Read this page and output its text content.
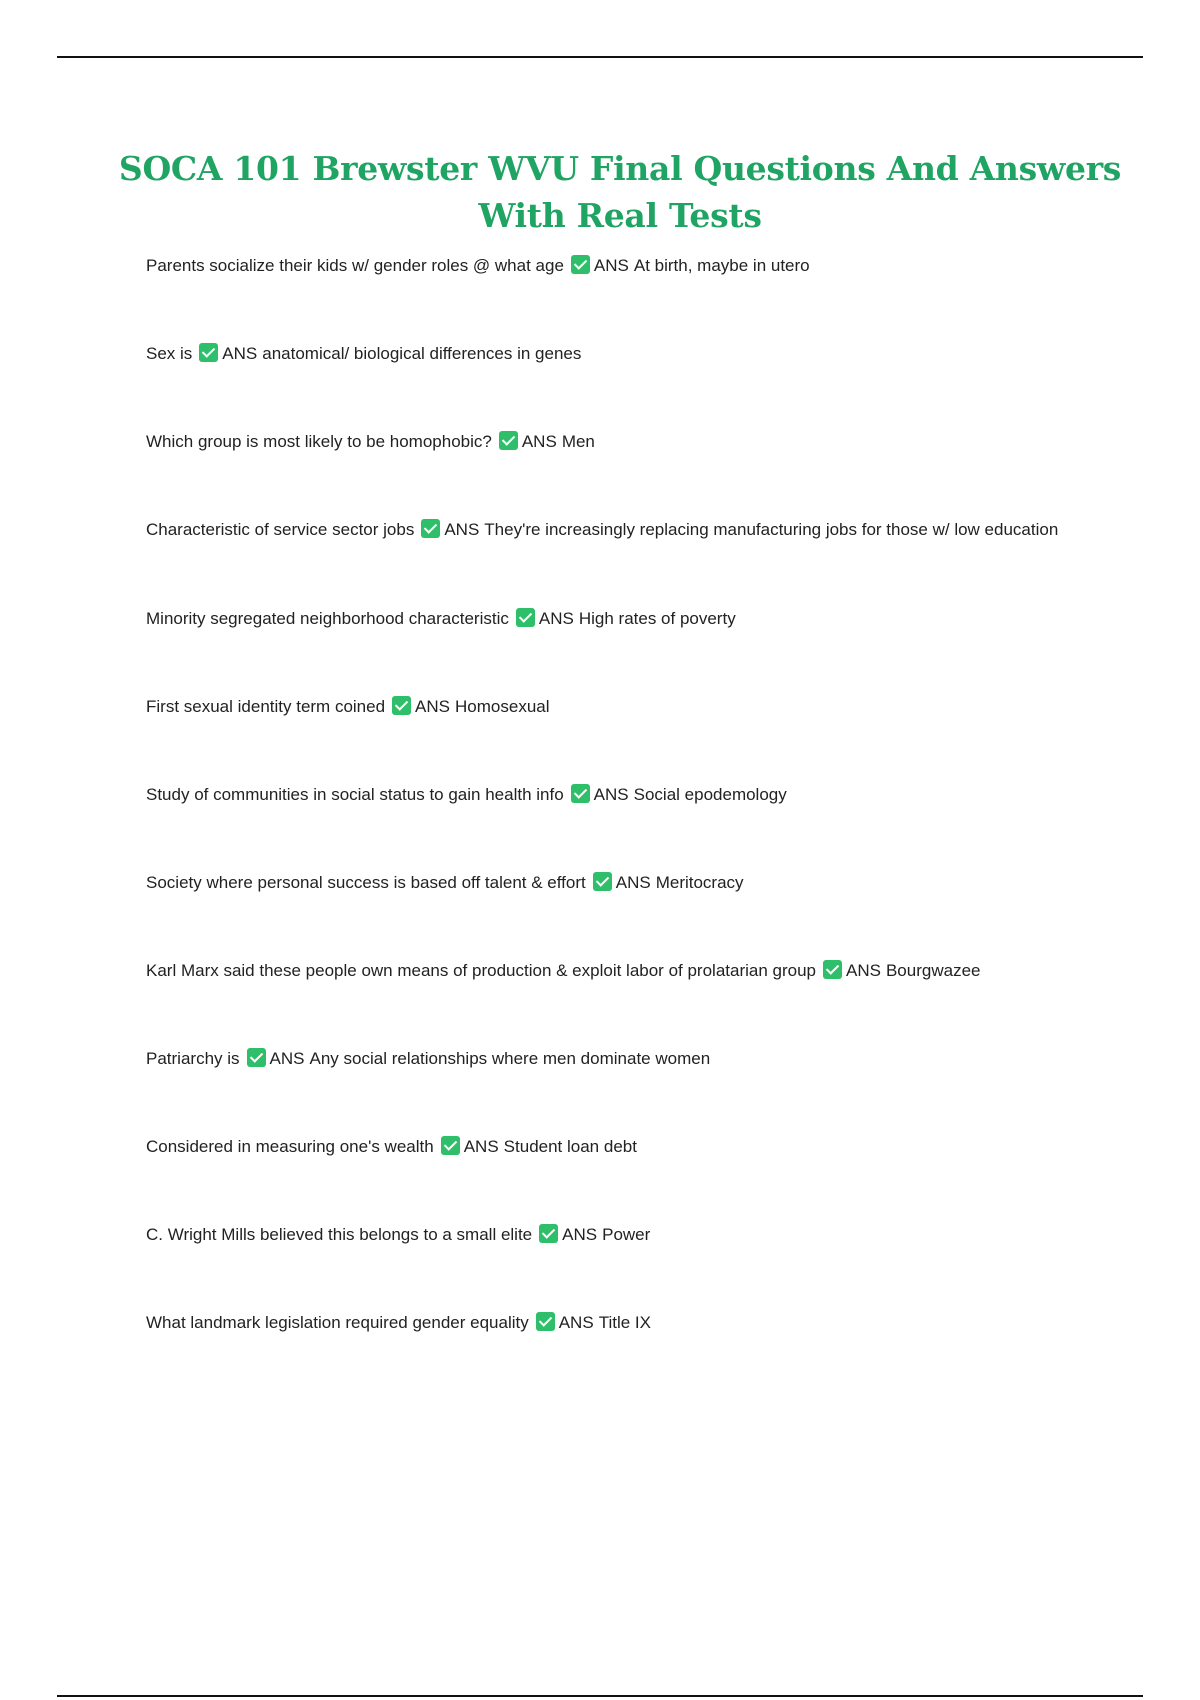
SOCA 101 Brewster WVU Final Questions And Answers With Real Tests
Parents socialize their kids w/ gender roles @ what age ANS At birth, maybe in utero
Sex is ANS anatomical/ biological differences in genes
Which group is most likely to be homophobic? ANS Men
Characteristic of service sector jobs ANS They're increasingly replacing manufacturing jobs for those w/ low education
Minority segregated neighborhood characteristic ANS High rates of poverty
First sexual identity term coined ANS Homosexual
Study of communities in social status to gain health info ANS Social epodemology
Society where personal success is based off talent & effort ANS Meritocracy
Karl Marx said these people own means of production & exploit labor of prolatarian group ANS Bourgwazee
Patriarchy is ANS Any social relationships where men dominate women
Considered in measuring one's wealth ANS Student loan debt
C. Wright Mills believed this belongs to a small elite ANS Power
What landmark legislation required gender equality ANS Title IX
